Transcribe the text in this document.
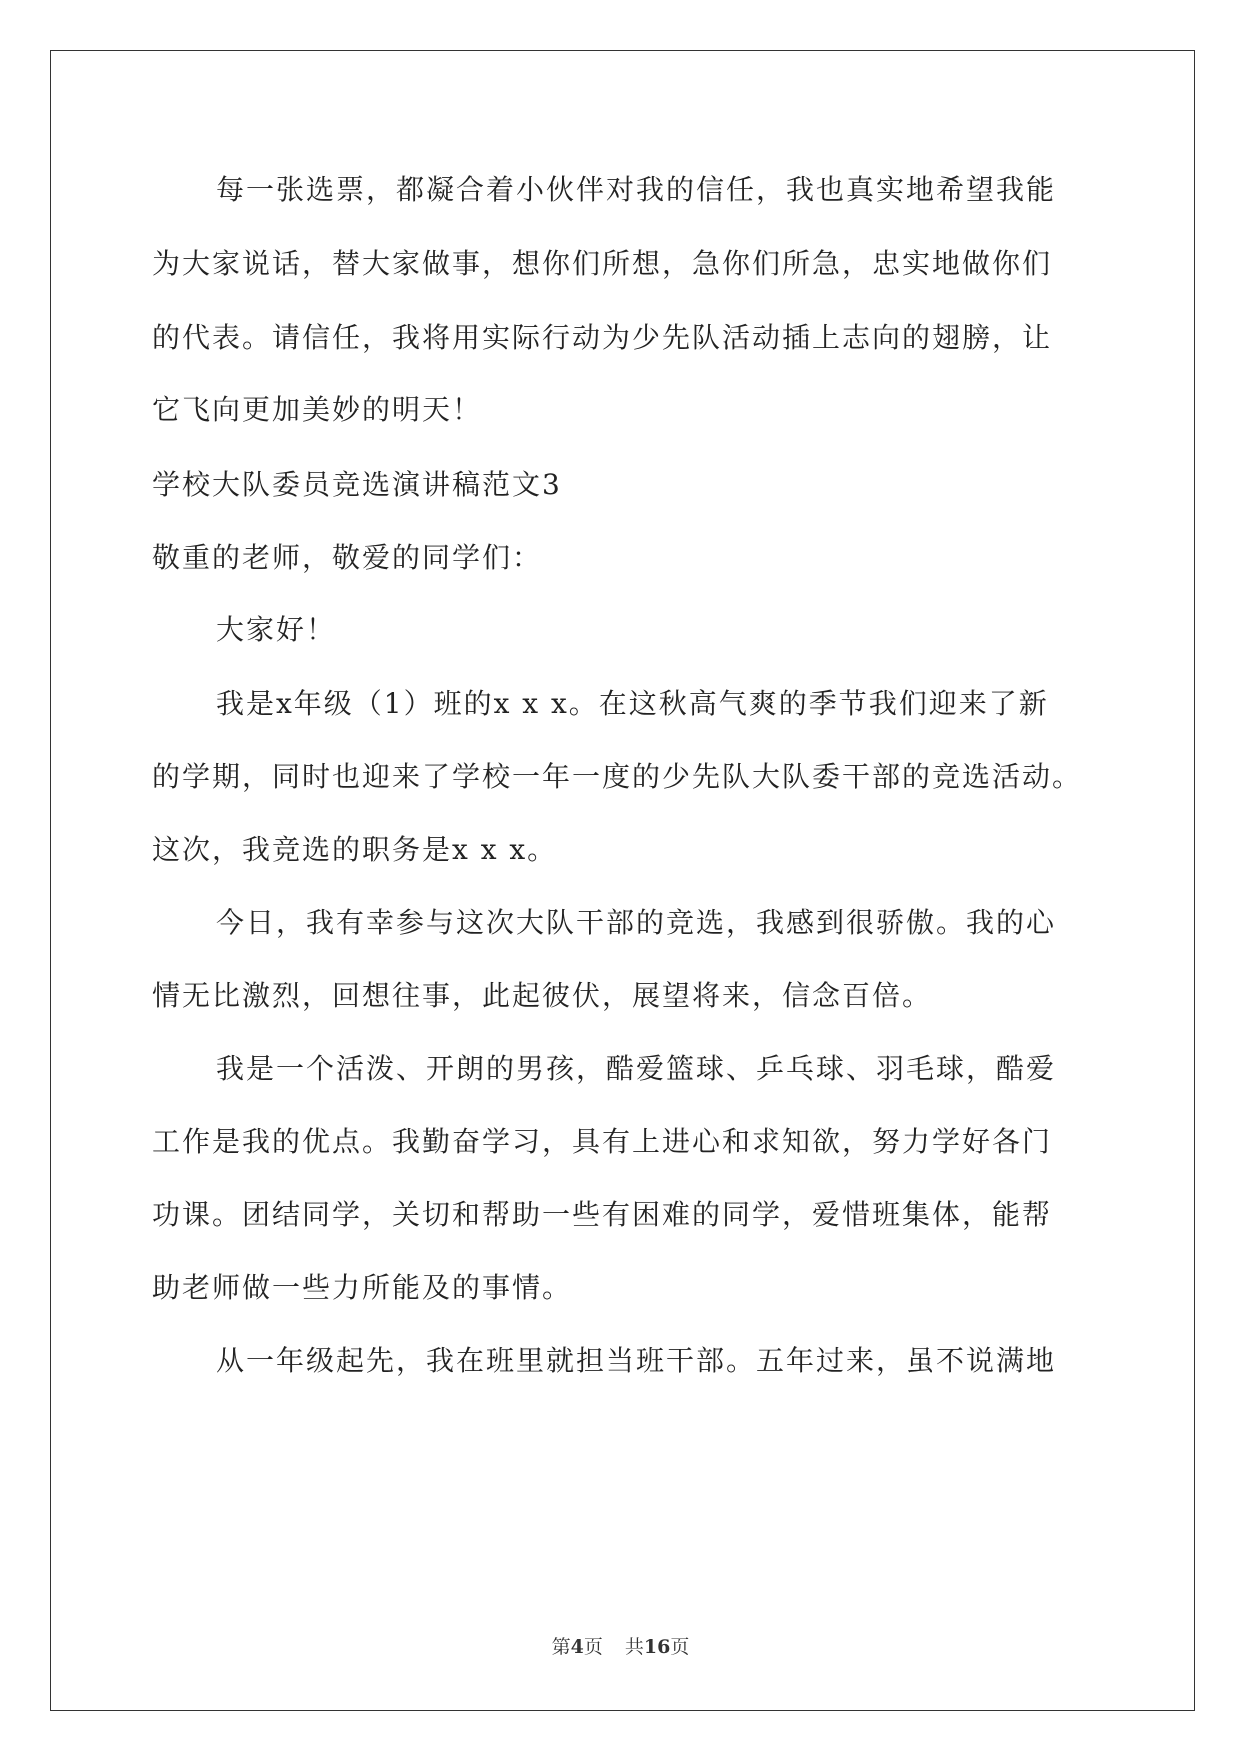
每一张选票，都凝合着小伙伴对我的信任，我也真实地希望我能
为大家说话，替大家做事，想你们所想，急你们所急，忠实地做你们
的代表。请信任，我将用实际行动为少先队活动插上志向的翅膀，让
它飞向更加美妙的明天！
学校大队委员竞选演讲稿范文3
敬重的老师，敬爱的同学们：
大家好！
我是x年级（1）班的x x x。在这秋高气爽的季节我们迎来了新
的学期，同时也迎来了学校一年一度的少先队大队委干部的竞选活动。
这次，我竞选的职务是x x x。
今日，我有幸参与这次大队干部的竞选，我感到很骄傲。我的心
情无比激烈，回想往事，此起彼伏，展望将来，信念百倍。
我是一个活泼、开朗的男孩，酷爱篮球、乒乓球、羽毛球，酷爱
工作是我的优点。我勤奋学习，具有上进心和求知欲，努力学好各门
功课。团结同学，关切和帮助一些有困难的同学，爱惜班集体，能帮
助老师做一些力所能及的事情。
从一年级起先，我在班里就担当班干部。五年过来，虽不说满地
第4页 共16页
